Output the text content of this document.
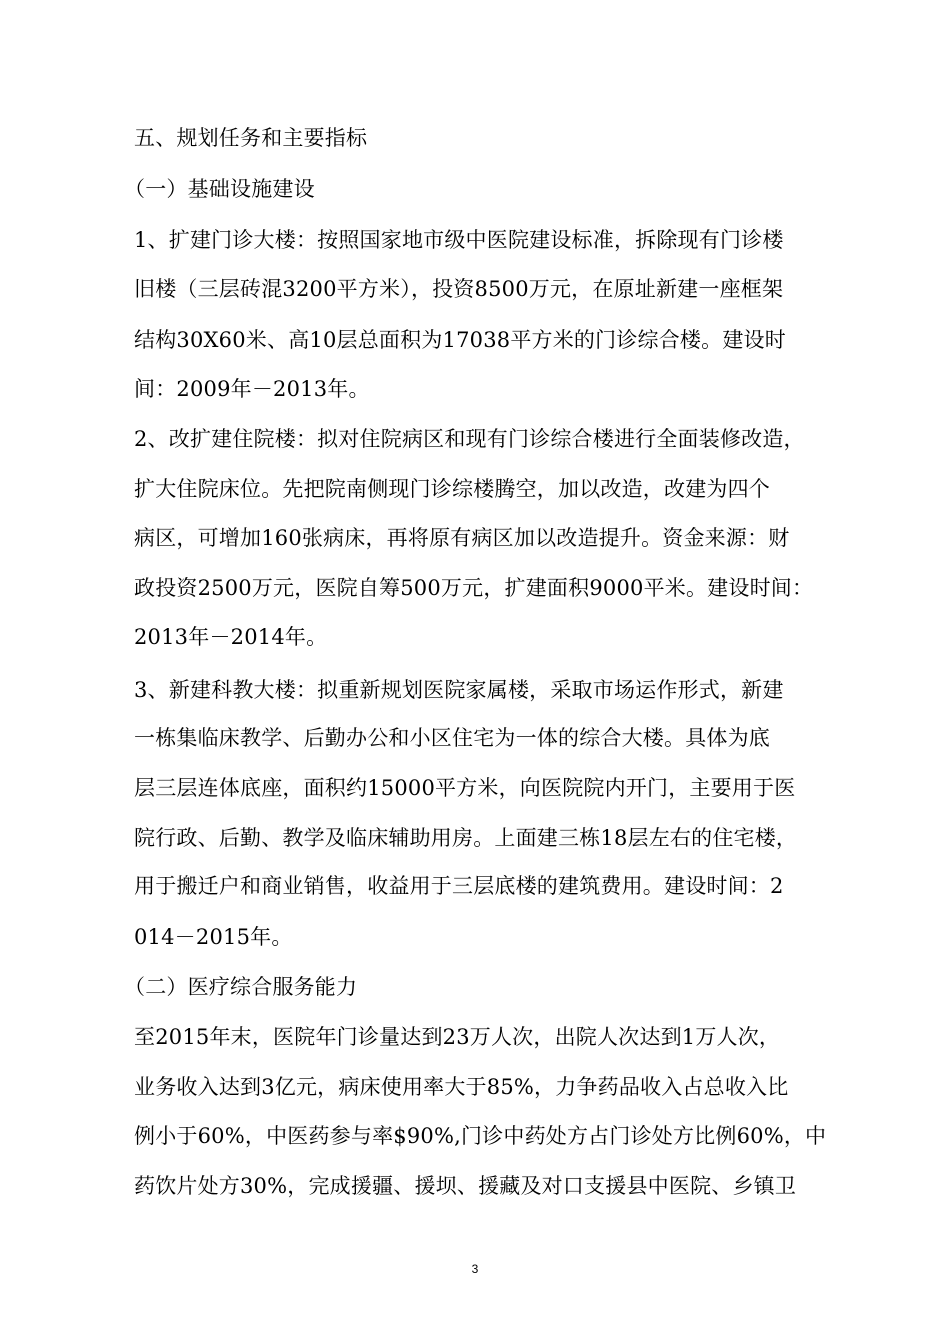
五、规划任务和主要指标
（一）基础设施建设
1、扩建门诊大楼：按照国家地市级中医院建设标准，拆除现有门诊楼
旧楼（三层砖混3200平方米），投资8500万元，在原址新建一座框架
结构30X60米、高10层总面积为17038平方米的门诊综合楼。建设时
间：2009年－2013年。
2、改扩建住院楼：拟对住院病区和现有门诊综合楼进行全面装修改造，
扩大住院床位。先把院南侧现门诊综楼腾空，加以改造，改建为四个
病区，可增加160张病床，再将原有病区加以改造提升。资金来源：财
政投资2500万元，医院自筹500万元，扩建面积9000平米。建设时间：
2013年－2014年。
3、新建科教大楼：拟重新规划医院家属楼，采取市场运作形式，新建
一栋集临床教学、后勤办公和小区住宅为一体的综合大楼。具体为底
层三层连体底座，面积约15000平方米，向医院院内开门，主要用于医
院行政、后勤、教学及临床辅助用房。上面建三栋18层左右的住宅楼，
用于搬迁户和商业销售，收益用于三层底楼的建筑费用。建设时间：2
014－2015年。
（二）医疗综合服务能力
至2015年末，医院年门诊量达到23万人次，出院人次达到1万人次，
业务收入达到3亿元，病床使用率大于85%，力争药品收入占总收入比
例小于60%，中医药参与率$90%,门诊中药处方占门诊处方比例60%，中
药饮片处方30%，完成援疆、援坝、援藏及对口支援县中医院、乡镇卫
3
